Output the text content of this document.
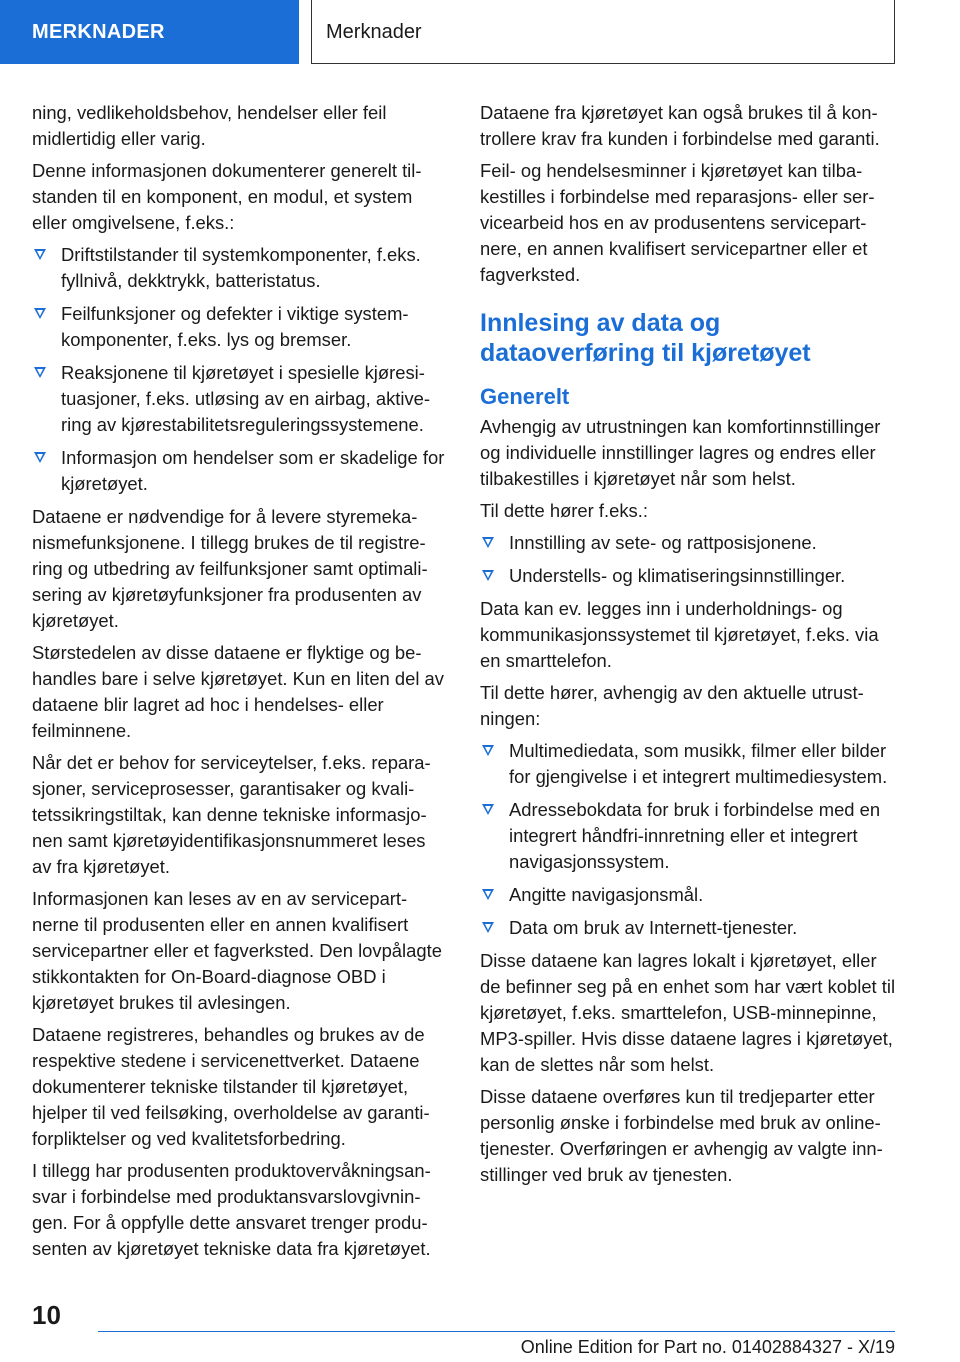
MERKNADER	Merknader

ning, vedlikeholdsbehov, hendelser eller feil midlertidig eller varig.

Denne informasjonen dokumenterer generelt tilstanden til en komponent, en modul, et system eller omgivelsene, f.eks.:

Driftstilstander til systemkomponenter, f.eks. fyllnivå, dekktrykk, batteristatus.
Feilfunksjoner og defekter i viktige systemkomponenter, f.eks. lys og bremser.
Reaksjonene til kjøretøyet i spesielle kjøresituasjoner, f.eks. utløsing av en airbag, aktivering av kjørestabilitetsreguleringssystemene.
Informasjon om hendelser som er skadelige for kjøretøyet.

Dataene er nødvendige for å levere styremekanismefunksjonene. I tillegg brukes de til registrering og utbedring av feilfunksjoner samt optimalisering av kjøretøyfunksjoner fra produsenten av kjøretøyet.

Størstedelen av disse dataene er flyktige og behandles bare i selve kjøretøyet. Kun en liten del av dataene blir lagret ad hoc i hendelses- eller feilminnene.

Når det er behov for serviceytelser, f.eks. reparasjoner, serviceprosesser, garantisaker og kvalitetssikringstiltak, kan denne tekniske informasjonen samt kjøretøyidentifikasjonsnummeret leses av fra kjøretøyet.

Informasjonen kan leses av en av servicepartnerne til produsenten eller en annen kvalifisert servicepartner eller et fagverksted. Den lovpålagte stikkontakten for On-Board-diagnose OBD i kjøretøyet brukes til avlesingen.

Dataene registreres, behandles og brukes av de respektive stedene i servicenettverket. Dataene dokumenterer tekniske tilstander til kjøretøyet, hjelper til ved feilsøking, overholdelse av garantiforpliktelser og ved kvalitetsforbedring.

I tillegg har produsenten produktovervåkningsansvar i forbindelse med produktansvarslovgivningen. For å oppfylle dette ansvaret trenger produsenten av kjøretøyet tekniske data fra kjøretøyet.

Dataene fra kjøretøyet kan også brukes til å kontrollere krav fra kunden i forbindelse med garanti.

Feil- og hendelsesminner i kjøretøyet kan tilbakestilles i forbindelse med reparasjons- eller servicearbeid hos en av produsentens servicepartnere, en annen kvalifisert servicepartner eller et fagverksted.

Innlesing av data og dataoverføring til kjøretøyet
Generelt

Avhengig av utrustningen kan komfortinnstillinger og individuelle innstillinger lagres og endres eller tilbakestilles i kjøretøyet når som helst.

Til dette hører f.eks.:

Innstilling av sete- og rattposisjonene.
Understells- og klimatiseringsinnstillinger.

Data kan ev. legges inn i underholdnings- og kommunikasjonssystemet til kjøretøyet, f.eks. via en smarttelefon.

Til dette hører, avhengig av den aktuelle utrustningen:

Multimediedata, som musikk, filmer eller bilder for gjengivelse i et integrert multimediesystem.
Adressebokdata for bruk i forbindelse med en integrert håndfri-innretning eller et integrert navigasjonssystem.
Angitte navigasjonsmål.
Data om bruk av Internett-tjenester.

Disse dataene kan lagres lokalt i kjøretøyet, eller de befinner seg på en enhet som har vært koblet til kjøretøyet, f.eks. smarttelefon, USB-minnepinne, MP3-spiller. Hvis disse dataene lagres i kjøretøyet, kan de slettes når som helst.

Disse dataene overføres kun til tredjeparter etter personlig ønske i forbindelse med bruk av online-tjenester. Overføringen er avhengig av valgte innstillinger ved bruk av tjenesten.

10
Online Edition for Part no. 01402884327 - X/19
